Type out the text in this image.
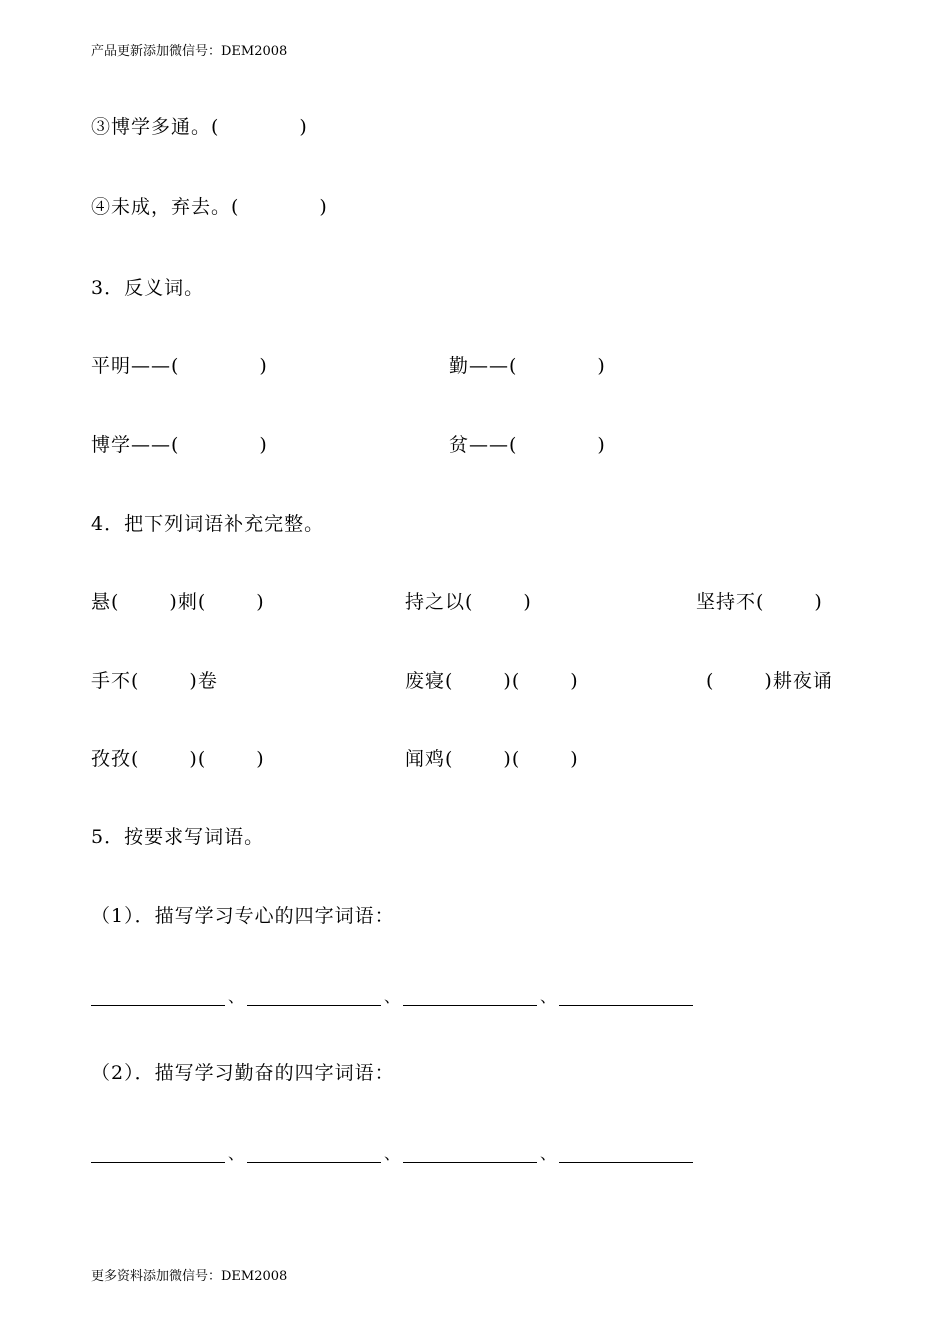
产品更新添加微信号：DEM2008
③博学多通。(	)
④未成，弃去。(	)
3．反义词。
平明——(	)	勤——(	)
博学——(	)	贫——(	)
4．把下列词语补充完整。
悬(	)刺(	)	持之以(	)	坚持不(	)
手不(	)卷	废寝(	)(	)	(	)耕夜诵
孜孜(	)(	)	闻鸡(	)(	)
5．按要求写词语。
（1）．描写学习专心的四字词语：
、	、	、
（2）．描写学习勤奋的四字词语：
、	、	、
更多资料添加微信号：DEM2008
